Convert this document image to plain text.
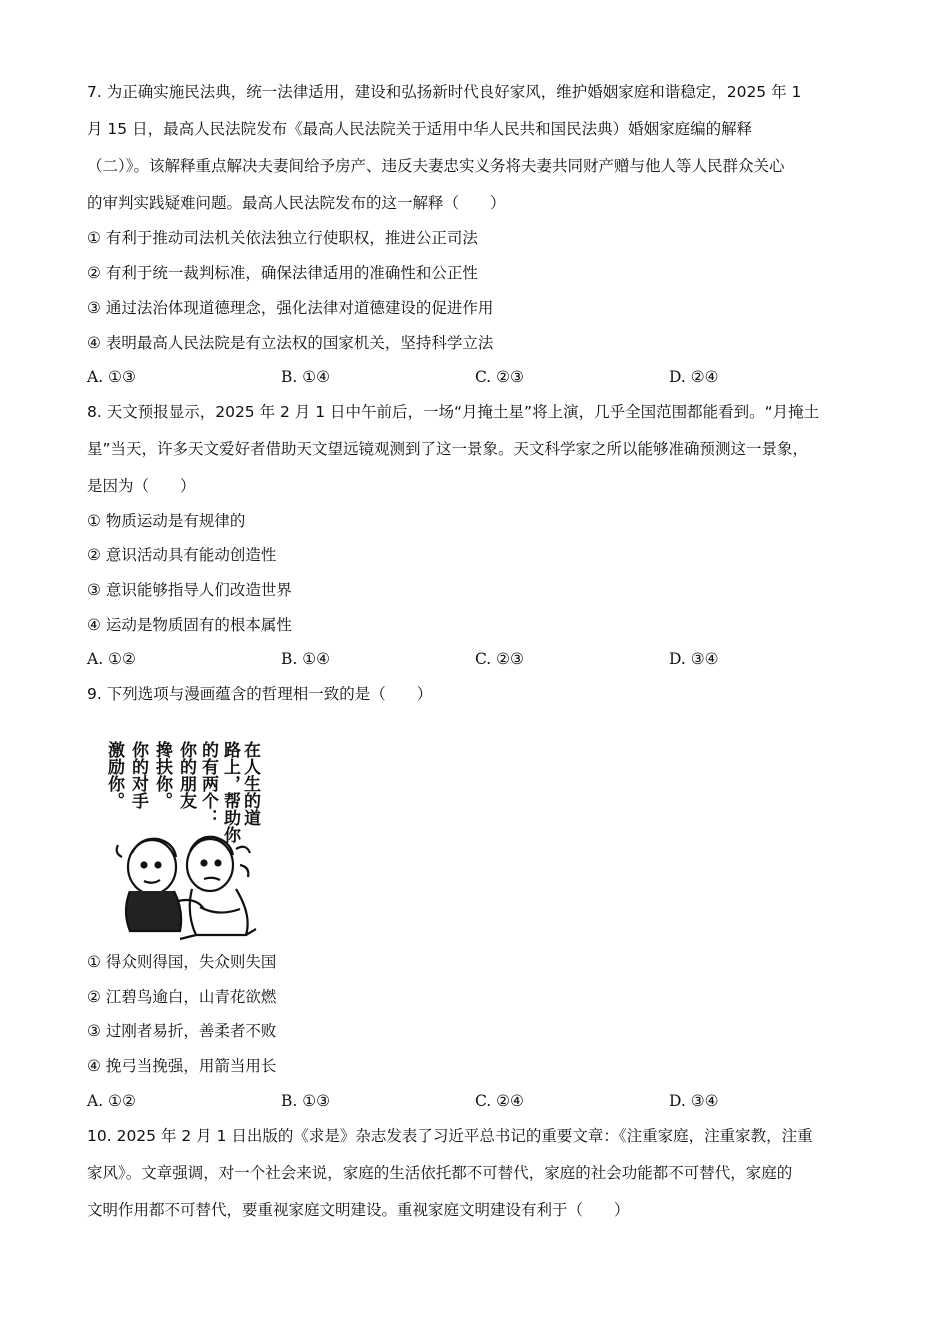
7. 为正确实施民法典，统一法律适用，建设和弘扬新时代良好家风，维护婚姻家庭和谐稳定，2025 年 1
月 15 日，最高人民法院发布《最高人民法院关于适用中华人民共和国民法典）婚姻家庭编的解释
（二）》。该解释重点解决夫妻间给予房产、违反夫妻忠实义务将夫妻共同财产赠与他人等人民群众关心
的审判实践疑难问题。最高人民法院发布的这一解释（　　）
① 有利于推动司法机关依法独立行使职权，推进公正司法
② 有利于统一裁判标准，确保法律适用的准确性和公正性
③ 通过法治体现道德理念，强化法律对道德建设的促进作用
④ 表明最高人民法院是有立法权的国家机关，坚持科学立法
A. ①③	B. ①④	C. ②③	D. ②④
8. 天文预报显示，2025 年 2 月 1 日中午前后，一场“月掩土星”将上演，几乎全国范围都能看到。“月掩土
星”当天，许多天文爱好者借助天文望远镜观测到了这一景象。天文科学家之所以能够准确预测这一景象，
是因为（　　）
① 物质运动是有规律的
② 意识活动具有能动创造性
③ 意识能够指导人们改造世界
④ 运动是物质固有的根本属性
A. ①②	B. ①④	C. ②③	D. ③④
9. 下列选项与漫画蕴含的哲理相一致的是（　　）
在人生的道
路上，帮助你
的有两个：
你的朋友
搀扶你。
你的对手
激励你。
① 得众则得国，失众则失国
② 江碧鸟逾白，山青花欲燃
③ 过刚者易折，善柔者不败
④ 挽弓当挽强，用箭当用长
A. ①②	B. ①③	C. ②④	D. ③④
10. 2025 年 2 月 1 日出版的《求是》杂志发表了习近平总书记的重要文章：《注重家庭，注重家教，注重
家风》。文章强调，对一个社会来说，家庭的生活依托都不可替代，家庭的社会功能都不可替代，家庭的
文明作用都不可替代，要重视家庭文明建设。重视家庭文明建设有利于（　　）
